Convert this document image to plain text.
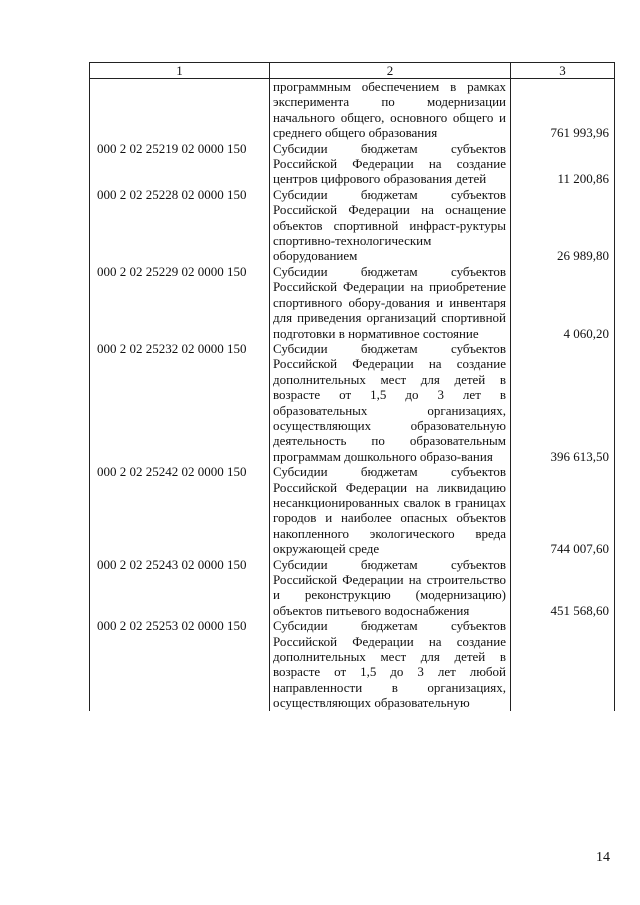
1	2	3
	программным обеспечением в рамках эксперимента по модернизации начального общего, основного общего и среднего общего образования	761 993,96
000 2 02 25219 02 0000 150	Субсидии бюджетам субъектов Российской Федерации на создание центров цифрового образования детей	11 200,86
000 2 02 25228 02 0000 150	Субсидии бюджетам субъектов Российской Федерации на оснащение объектов спортивной инфраст-руктуры спортивно-технологическим оборудованием	26 989,80
000 2 02 25229 02 0000 150	Субсидии бюджетам субъектов Российской Федерации на приобретение спортивного обору-дования и инвентаря для приведения организаций спортивной подготовки в нормативное состояние	4 060,20
000 2 02 25232 02 0000 150	Субсидии бюджетам субъектов Российской Федерации на создание дополнительных мест для детей в возрасте от 1,5 до 3 лет в образовательных организациях, осуществляющих образовательную деятельность по образовательным программам дошкольного образо-вания	396 613,50
000 2 02 25242 02 0000 150	Субсидии бюджетам субъектов Российской Федерации на ликвидацию несанкционированных свалок в границах городов и наиболее опасных объектов накопленного экологического вреда окружающей среде	744 007,60
000 2 02 25243 02 0000 150	Субсидии бюджетам субъектов Российской Федерации на строительство и реконструкцию (модернизацию) объектов питьевого водоснабжения	451 568,60
000 2 02 25253 02 0000 150	Субсидии бюджетам субъектов Российской Федерации на создание дополнительных мест для детей в возрасте от 1,5 до 3 лет любой направленности в организациях, осуществляющих образовательную	
14
